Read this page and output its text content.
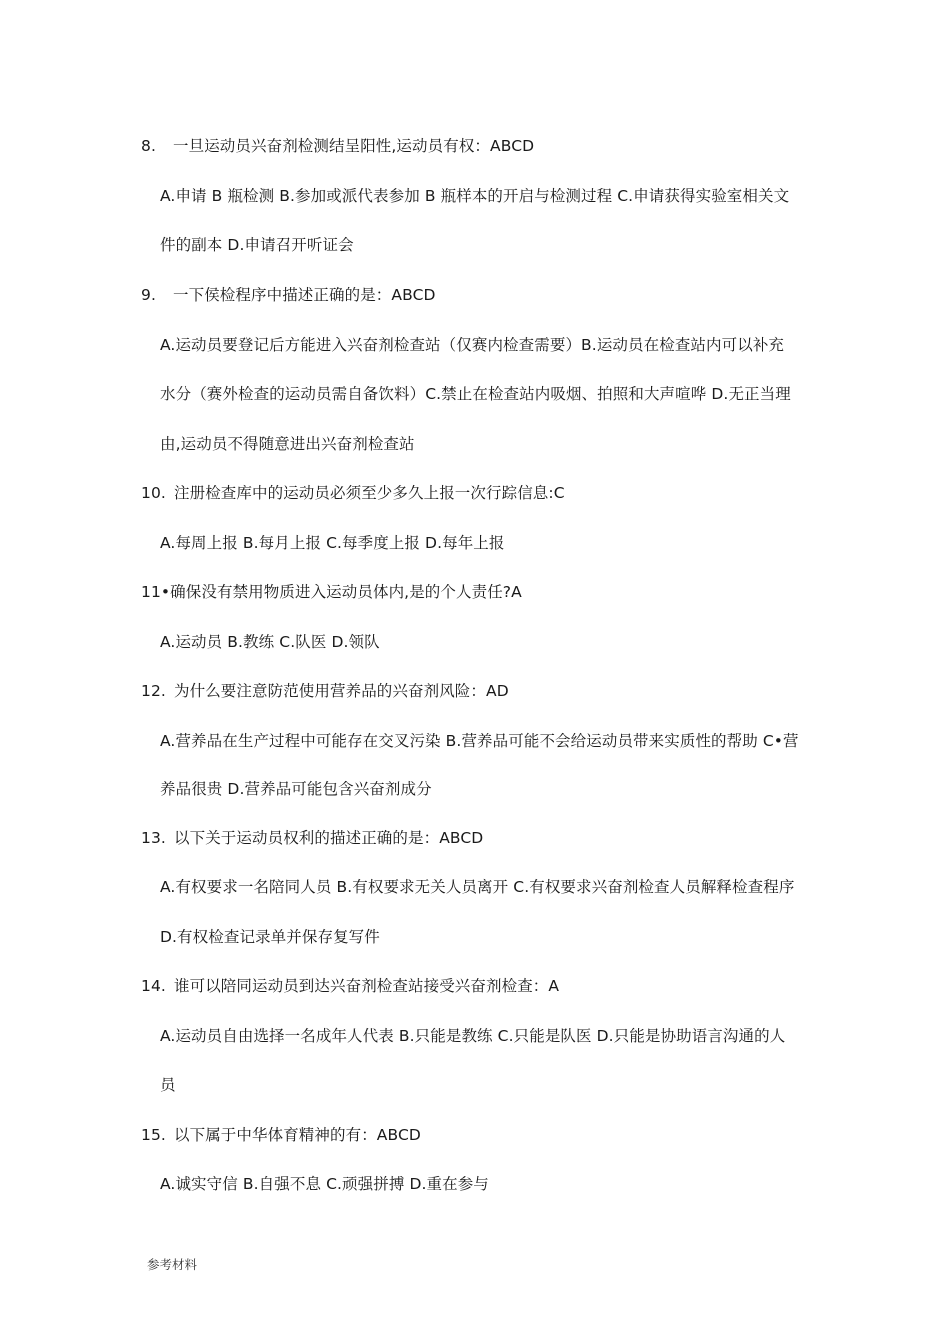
8. 一旦运动员兴奋剂检测结呈阳性,运动员有权：ABCD
A.申请 B 瓶检测 B.参加或派代表参加 B 瓶样本的开启与检测过程 C.申请获得实验室相关文
件的副本 D.申请召开听证会
9. 一下侯检程序中描述正确的是：ABCD
A.运动员要登记后方能进入兴奋剂检查站（仅赛内检查需要）B.运动员在检查站内可以补充
水分（赛外检查的运动员需自备饮料）C.禁止在检查站内吸烟、拍照和大声喧哗 D.无正当理
由,运动员不得随意进出兴奋剂检查站
10. 注册检查库中的运动员必须至少多久上报一次行踪信息:C
A.每周上报 B.每月上报 C.每季度上报 D.每年上报
11•确保没有禁用物质进入运动员体内,是的个人责任?A
A.运动员 B.教练 C.队医 D.领队
12. 为什么要注意防范使用营养品的兴奋剂风险：AD
A.营养品在生产过程中可能存在交叉污染 B.营养品可能不会给运动员带来实质性的帮助 C•营
养品很贵 D.营养品可能包含兴奋剂成分
13. 以下关于运动员权利的描述正确的是：ABCD
A.有权要求一名陪同人员 B.有权要求无关人员离开 C.有权要求兴奋剂检查人员解释检查程序
D.有权检查记录单并保存复写件
14. 谁可以陪同运动员到达兴奋剂检查站接受兴奋剂检查：A
A.运动员自由选择一名成年人代表 B.只能是教练 C.只能是队医 D.只能是协助语言沟通的人
员
15. 以下属于中华体育精神的有：ABCD
A.诚实守信 B.自强不息 C.顽强拼搏 D.重在参与
参考材料
